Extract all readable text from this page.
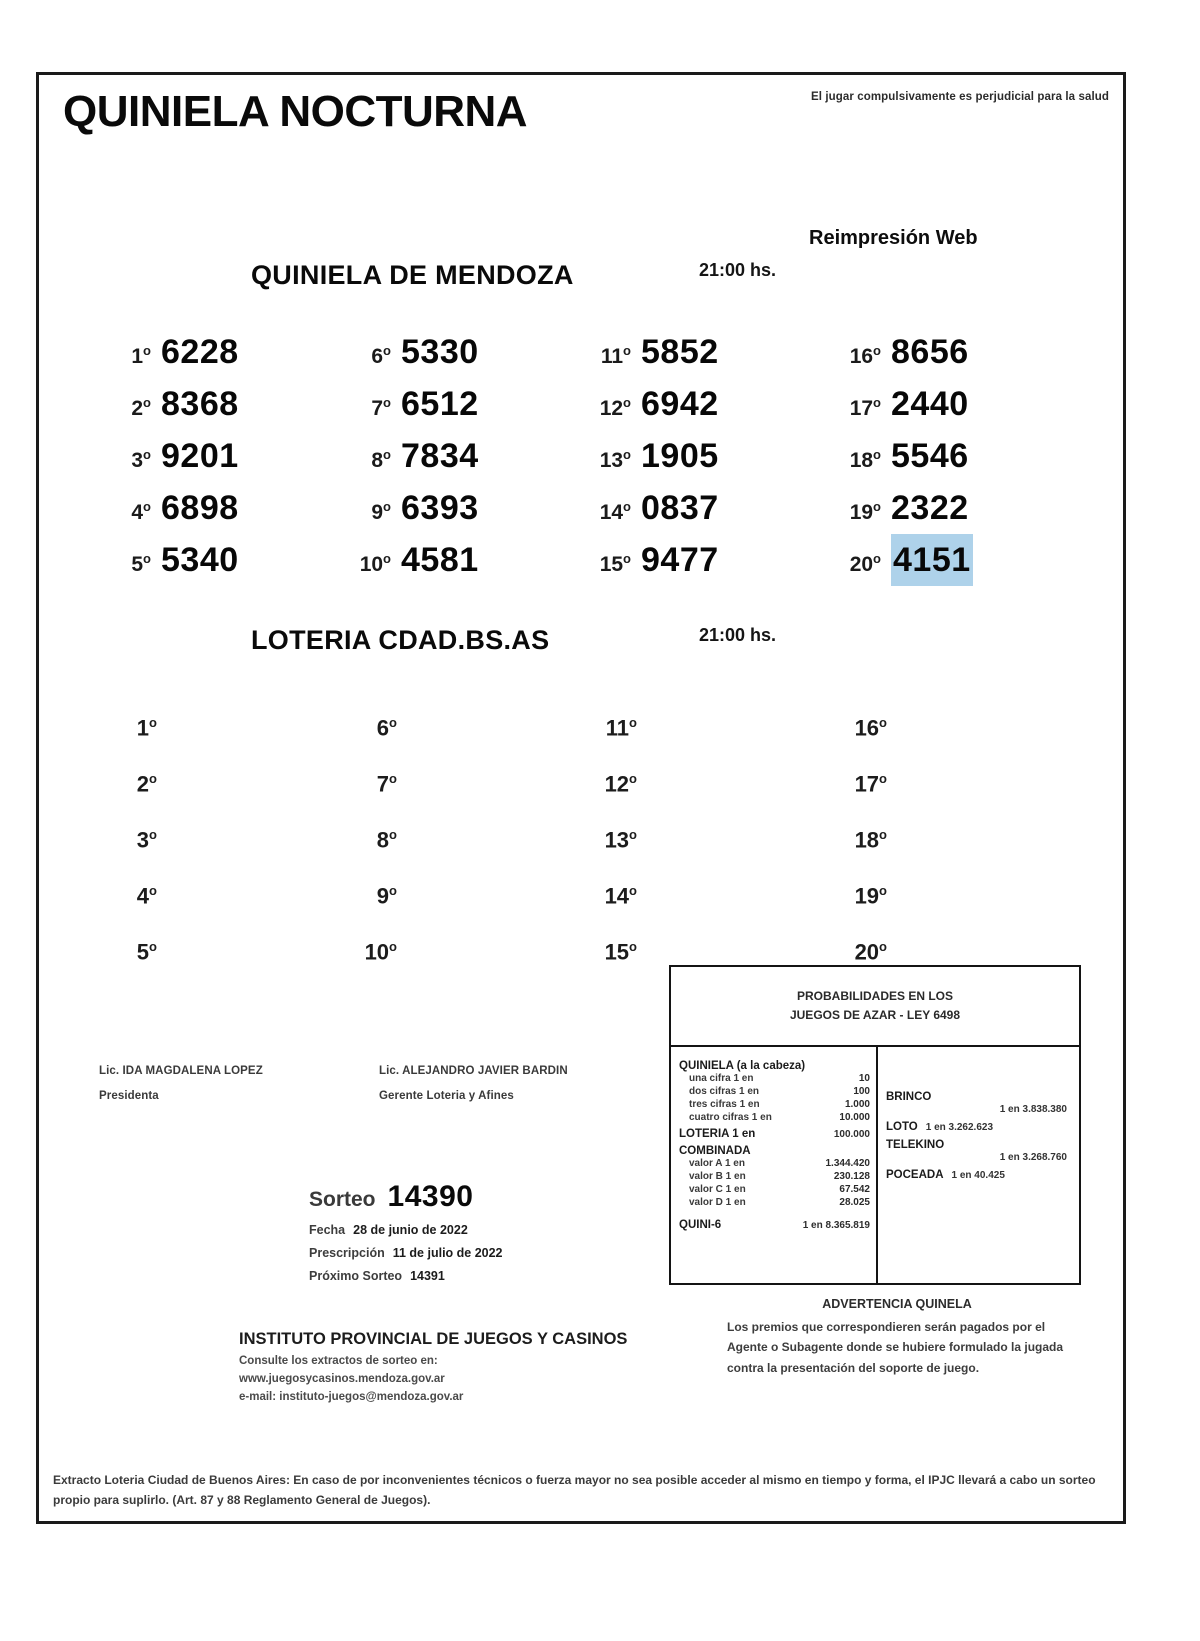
QUINIELA NOCTURNA	El jugar compulsivamente es perjudicial para la salud
Reimpresión Web
QUINIELA DE MENDOZA	21:00 hs.
1$^o$ 6228
2$^o$ 8368
3$^o$ 9201
4$^o$ 6898
5$^o$ 5340
6$^o$ 5330
7$^o$ 6512
8$^o$ 7834
9$^o$ 6393
10$^o$ 4581
11$^o$ 5852
12$^o$ 6942
13$^o$ 1905
14$^o$ 0837
15$^o$ 9477
16$^o$ 8656
17$^o$ 2440
18$^o$ 5546
19$^o$ 2322
20$^o$ 4151
LOTERIA CDAD.BS.AS	21:00 hs.
1$^o$
2$^o$
3$^o$
4$^o$
5$^o$
6$^o$
7$^o$
8$^o$
9$^o$
10$^o$
11$^o$
12$^o$
13$^o$
14$^o$
15$^o$
16$^o$
17$^o$
18$^o$
19$^o$
20$^o$
Lic. IDA MAGDALENA LOPEZ
Presidenta
Lic. ALEJANDRO JAVIER BARDIN
Gerente Loteria y Afines
Sorteo 14390
Fecha 28 de junio de 2022
Prescripción 11 de julio de 2022
Próximo Sorteo 14391
PROBABILIDADES EN LOS
JUEGOS DE AZAR - LEY 6498
QUINIELA (a la cabeza)
una cifra 1 en	10
dos cifras 1 en	100
tres cifras 1 en	1.000
cuatro cifras 1 en	10.000
LOTERIA 1 en	100.000
COMBINADA
valor A 1 en	1.344.420
valor B 1 en	230.128
valor C 1 en	67.542
valor D 1 en	28.025
QUINI-6	1 en 8.365.819
BRINCO
1 en 3.838.380
LOTO 1 en 3.262.623
TELEKINO
1 en 3.268.760
POCEADA 1 en 40.425
ADVERTENCIA QUINELA
Los premios que correspondieren serán pagados por el Agente o Subagente donde se hubiere formulado la jugada contra la presentación del soporte de juego.
INSTITUTO PROVINCIAL DE JUEGOS Y CASINOS
Consulte los extractos de sorteo en:
www.juegosycasinos.mendoza.gov.ar
e-mail: instituto-juegos@mendoza.gov.ar
Extracto Loteria Ciudad de Buenos Aires: En caso de por inconvenientes técnicos o fuerza mayor no sea posible acceder al mismo en tiempo y forma, el IPJC llevará a cabo un sorteo propio para suplirlo. (Art. 87 y 88 Reglamento General de Juegos).
